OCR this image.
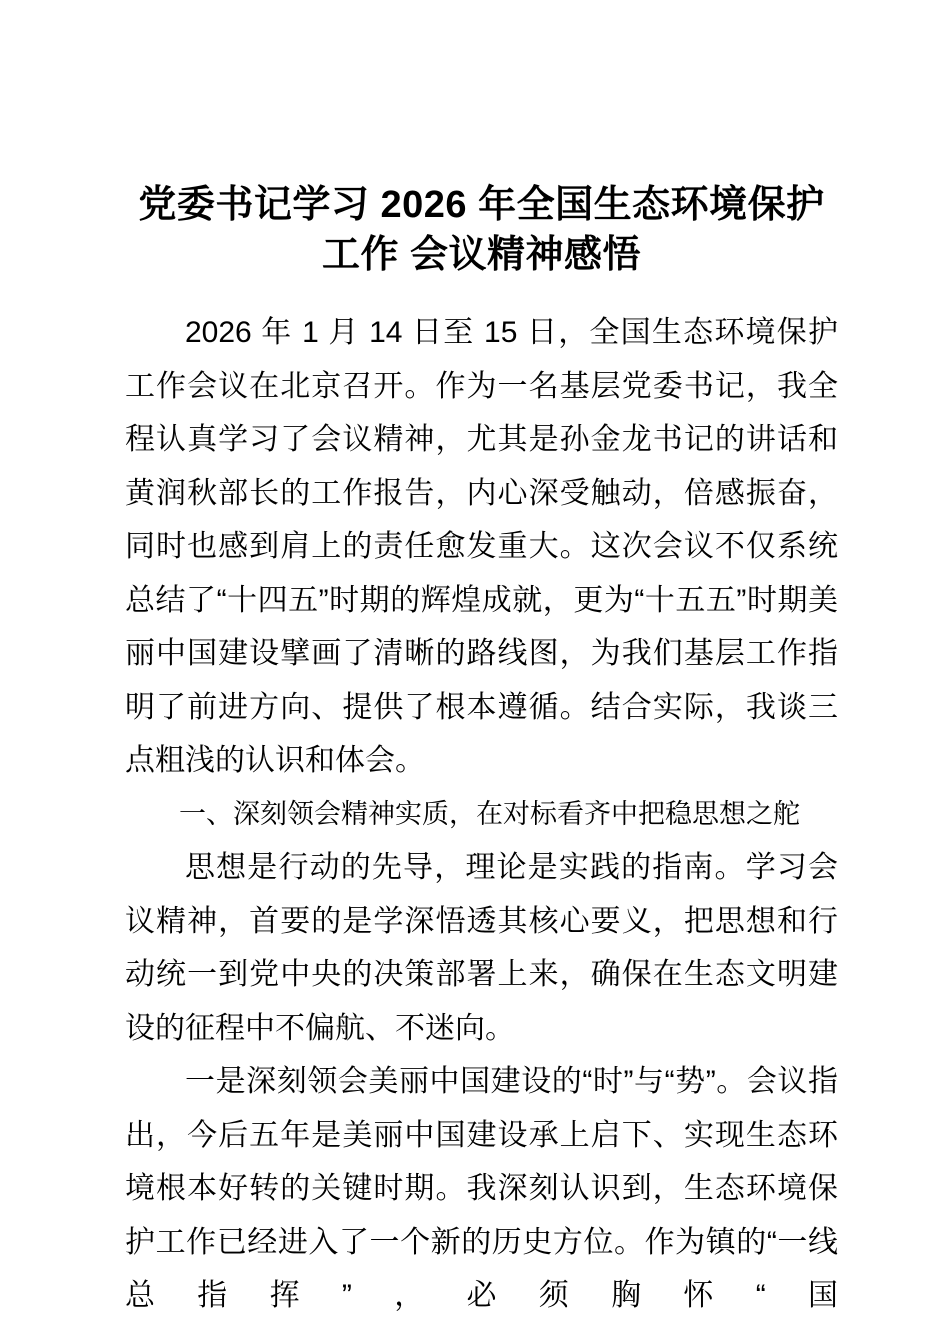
党委书记学习 2026 年全国生态环境保护工作 会议精神感悟

2026 年 1 月 14 日至 15 日，全国生态环境保护工作会议在北京召开。作为一名基层党委书记，我全程认真学习了会议精神，尤其是孙金龙书记的讲话和黄润秋部长的工作报告，内心深受触动，倍感振奋，同时也感到肩上的责任愈发重大。这次会议不仅系统总结了“十四五”时期的辉煌成就，更为“十五五”时期美丽中国建设擘画了清晰的路线图，为我们基层工作指明了前进方向、提供了根本遵循。结合实际，我谈三点粗浅的认识和体会。

一、深刻领会精神实质，在对标看齐中把稳思想之舵

思想是行动的先导，理论是实践的指南。学习会议精神，首要的是学深悟透其核心要义，把思想和行动统一到党中央的决策部署上来，确保在生态文明建设的征程中不偏航、不迷向。

一是深刻领会美丽中国建设的“时”与“势”。会议指出，今后五年是美丽中国建设承上启下、实现生态环境根本好转的关键时期。我深刻认识到，生态环境保护工作已经进入了一个新的历史方位。作为镇的“一线总指挥”，必须胸怀“国
